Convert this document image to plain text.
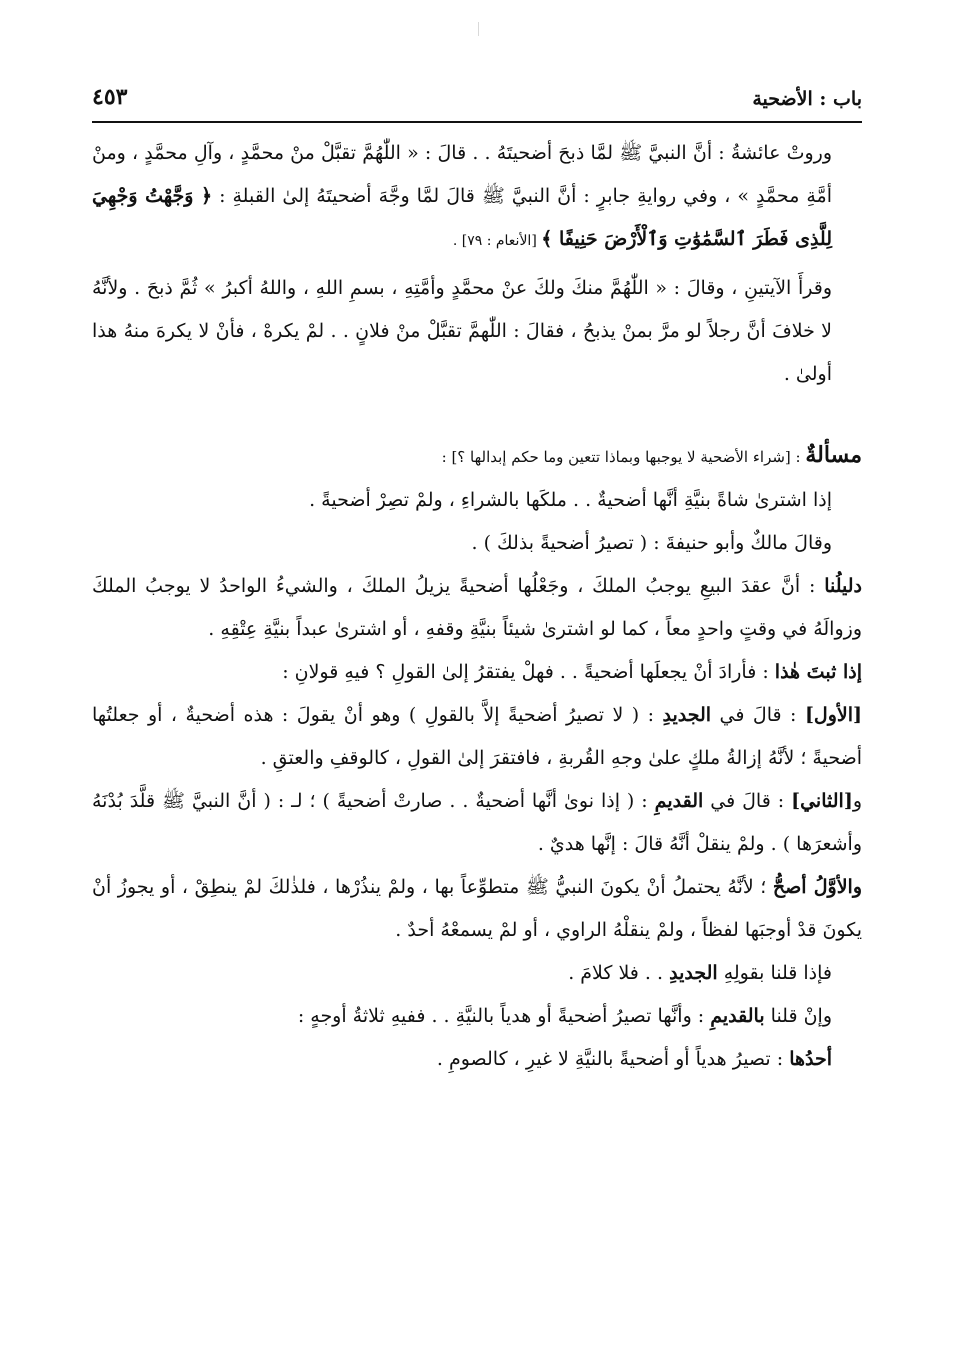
باب : الأضحية
٤٥٣

وروتْ عائشةُ : أنَّ النبيَّ ﷺ لمَّا ذبحَ أضحيتَهُ . . قالَ : « اللّٰهُمَّ تقبَّلْ منْ محمَّدٍ ، وآلِ محمَّدٍ ، ومنْ أمَّةِ محمَّدٍ » ، وفي روايةِ جابرٍ : أنَّ النبيَّ ﷺ قالَ لمَّا وجَّهَ أضحيتَهُ إلىٰ القبلةِ : ﴿ وَجَّهْتُ وَجْهِيَ لِلَّذِى فَطَرَ ٱلسَّمَٰوَٰتِ وَٱلْأَرْضَ حَنِيفًا ﴾ [الأنعام : ٧٩] .

وقرأَ الآيتينِ ، وقالَ : « اللّٰهُمَّ منكَ ولكَ عنْ محمَّدٍ وأمَّتِهِ ، بسمِ اللهِ ، واللهُ أكبرُ » ثُمَّ ذبحَ . ولأنَّهُ لا خلافَ أنَّ رجلاً لو مرَّ بمنْ يذبحُ ، فقالَ : اللّٰهمَّ تقبَّلْ منْ فلانٍ . . لمْ يكرهْ ، فأنْ لا يكرهَ منهُ هذا أولىٰ .

مسألةٌ : [شراء الأضحية لا يوجبها وبماذا تتعين وما حكم إبدالها ؟] :

إذا اشترىٰ شاةً بنيَّةِ أنَّها أضحيةٌ . . ملكَها بالشراءِ ، ولمْ تصِرْ أضحيةً .

وقالَ مالكٌ وأبو حنيفةَ : ( تصيرُ أضحيةً بذلكَ ) .

دليلُنا : أنَّ عقدَ البيعِ يوجبُ الملكَ ، وجَعْلُها أضحيةً يزيلُ الملكَ ، والشيءُ الواحدُ لا يوجبُ الملكَ وزوالَهُ في وقتٍ واحدٍ معاً ، كما لو اشترىٰ شيئاً بنيَّةِ وقفهِ ، أو اشترىٰ عبداً بنيَّةِ عِتْقِهِ .

إذا ثبتَ هٰذا : فأرادَ أنْ يجعلَها أضحيةً . . فهلْ يفتقرُ إلىٰ القولِ ؟ فيهِ قولانِ :

[الأول] : قالَ في الجديدِ : ( لا تصيرُ أضحيةً إلاَّ بالقولِ ) وهو أنْ يقولَ : هذه أضحيةٌ ، أو جعلتُها أضحيةً ؛ لأنَّهُ إزالةُ ملكٍ علىٰ وجهِ القُربةِ ، فافتقرَ إلىٰ القولِ ، كالوقفِ والعتقِ .

و[الثاني] : قالَ في القديمِ : ( إذا نوىٰ أنَّها أضحيةٌ . . صارتْ أضحيةً ) ؛ لـ : ( أنَّ النبيَّ ﷺ قلَّدَ بُدْنَهُ وأشعرَها ) . ولمْ ينقلْ أنَّهُ قالَ : إنَّها هديٌ .

والأوَّلُ أصحُّ ؛ لأنَّهُ يحتملُ أنْ يكونَ النبيُّ ﷺ متطوِّعاً بها ، ولمْ ينذُرْها ، فلذٰلكَ لمْ ينطِقْ ، أو يجوزُ أنْ يكونَ قدْ أوجبَها لفظاً ، ولمْ ينقلْهُ الراوي ، أو لمْ يسمعْهُ أحدٌ .

فإذا قلنا بقولِهِ الجديدِ . . فلا كلامَ .

وإنْ قلنا بالقديمِ : وأنَّها تصيرُ أضحيةً أو هدياً بالنيَّةِ . . ففيهِ ثلاثةُ أوجهٍ :

أحدُها : تصيرُ هدياً أو أضحيةً بالنيَّةِ لا غيرِ ، كالصومِ .
